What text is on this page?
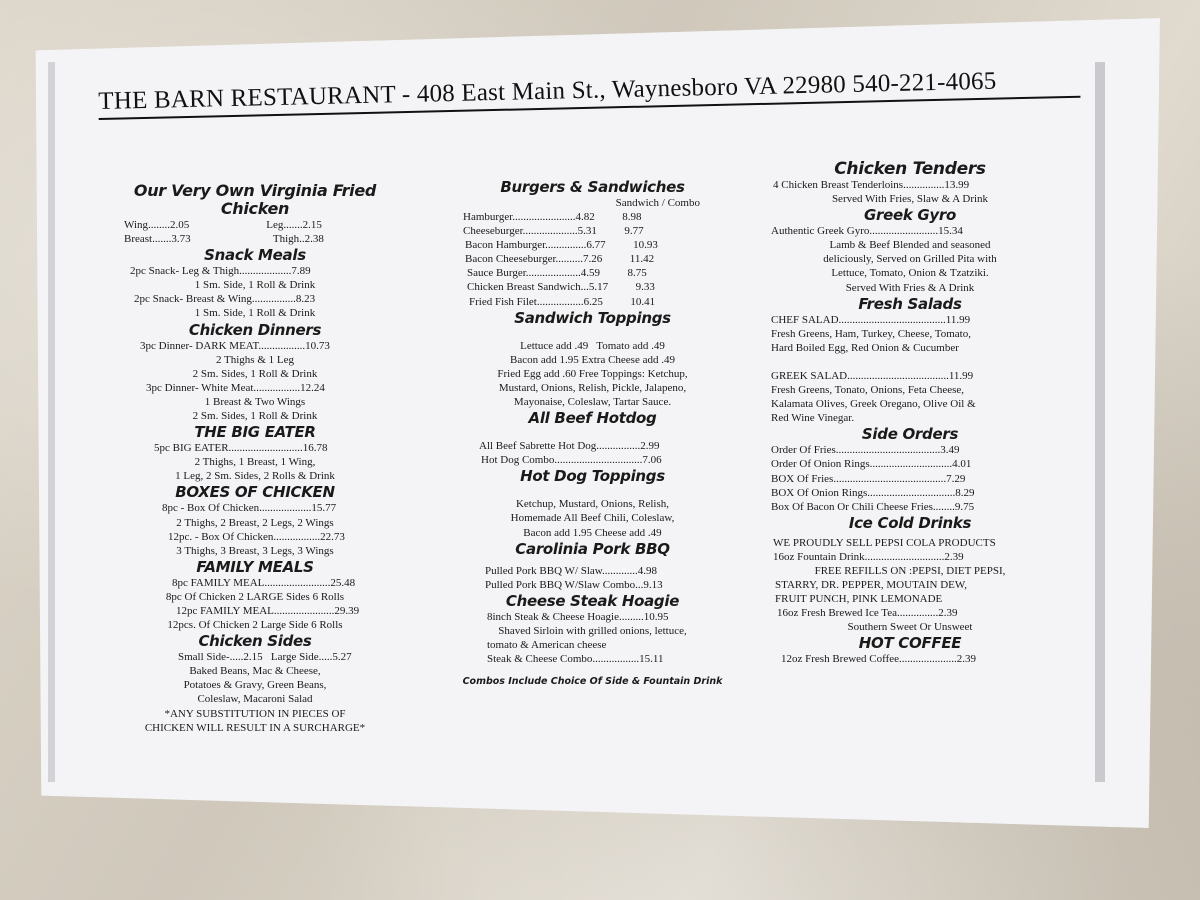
THE BARN RESTAURANT - 408 East Main St., Waynesboro VA 22980 540-221-4065
Our Very Own Virginia Fried Chicken
Wing........2.05                            Leg.......2.15
Breast.......3.73                              Thigh..2.38
Snack Meals
2pc Snack- Leg & Thigh...................7.89
1 Sm. Side, 1 Roll & Drink
2pc Snack- Breast & Wing................8.23
1 Sm. Side, 1 Roll & Drink
Chicken Dinners
3pc Dinner- DARK MEAT.................10.73
2 Thighs & 1 Leg
2 Sm. Sides, 1 Roll & Drink
3pc Dinner- White Meat.................12.24
1 Breast & Two Wings
2 Sm. Sides, 1 Roll & Drink
THE BIG EATER
5pc BIG EATER...........................16.78
2 Thighs, 1 Breast, 1 Wing,
1 Leg, 2 Sm. Sides, 2 Rolls & Drink
BOXES OF CHICKEN
8pc - Box Of Chicken...................15.77
2 Thighs, 2 Breast, 2 Legs, 2 Wings
12pc. - Box Of Chicken.................22.73
3 Thighs, 3 Breast, 3 Legs, 3 Wings
FAMILY MEALS
8pc FAMILY MEAL........................25.48
8pc Of Chicken 2 LARGE Sides 6 Rolls
12pc FAMILY MEAL......................29.39
12pcs. Of Chicken 2 Large Side 6 Rolls
Chicken Sides
Small Side-.....2.15   Large Side.....5.27
Baked Beans, Mac & Cheese,
Potatoes & Gravy, Green Beans,
Coleslaw, Macaroni Salad
*ANY SUBSTITUTION IN PIECES OF
CHICKEN WILL RESULT IN A SURCHARGE*
Burgers & Sandwiches
Sandwich / Combo
Hamburger.......................4.82          8.98
Cheeseburger....................5.31          9.77
Bacon Hamburger...............6.77          10.93
Bacon Cheeseburger..........7.26          11.42
Sauce Burger....................4.59          8.75
Chicken Breast Sandwich...5.17          9.33
Fried Fish Filet.................6.25          10.41
Sandwich Toppings
Lettuce add .49   Tomato add .49
Bacon add 1.95 Extra Cheese add .49
Fried Egg add .60 Free Toppings: Ketchup,
Mustard, Onions, Relish, Pickle, Jalapeno,
Mayonaise, Coleslaw, Tartar Sauce.
All Beef Hotdog
All Beef Sabrette Hot Dog................2.99
Hot Dog Combo................................7.06
Hot Dog Toppings
Ketchup, Mustard, Onions, Relish,
Homemade All Beef Chili, Coleslaw,
Bacon add 1.95 Cheese add .49
Carolinia Pork BBQ
Pulled Pork BBQ W/ Slaw.............4.98
Pulled Pork BBQ W/Slaw Combo...9.13
Cheese Steak Hoagie
8inch Steak & Cheese Hoagie.........10.95
Shaved Sirloin with grilled onions, lettuce,
tomato & American cheese
Steak & Cheese Combo.................15.11
Combos Include Choice Of Side & Fountain Drink
Chicken Tenders
4 Chicken Breast Tenderloins...............13.99
Served With Fries, Slaw & A Drink
Greek Gyro
Authentic Greek Gyro.........................15.34
Lamb & Beef Blended and seasoned
deliciously, Served on Grilled Pita with
Lettuce, Tomato, Onion & Tzatziki.
Served With Fries & A Drink
Fresh Salads
CHEF SALAD.......................................11.99
Fresh Greens, Ham, Turkey, Cheese, Tomato,
Hard Boiled Egg, Red Onion & Cucumber
GREEK SALAD.....................................11.99
Fresh Greens, Tonato, Onions, Feta Cheese,
Kalamata Olives, Greek Oregano, Olive Oil &
Red Wine Vinegar.
Side Orders
Order Of Fries......................................3.49
Order Of Onion Rings..............................4.01
BOX Of Fries.........................................7.29
BOX Of Onion Rings................................8.29
Box Of Bacon Or Chili Cheese Fries........9.75
Ice Cold Drinks
WE PROUDLY SELL PEPSI COLA PRODUCTS
16oz Fountain Drink.............................2.39
FREE REFILLS ON :PEPSI, DIET PEPSI,
STARRY, DR. PEPPER, MOUTAIN DEW,
FRUIT PUNCH, PINK LEMONADE
16oz Fresh Brewed Ice Tea...............2.39
Southern Sweet Or Unsweet
HOT COFFEE
12oz Fresh Brewed Coffee.....................2.39
